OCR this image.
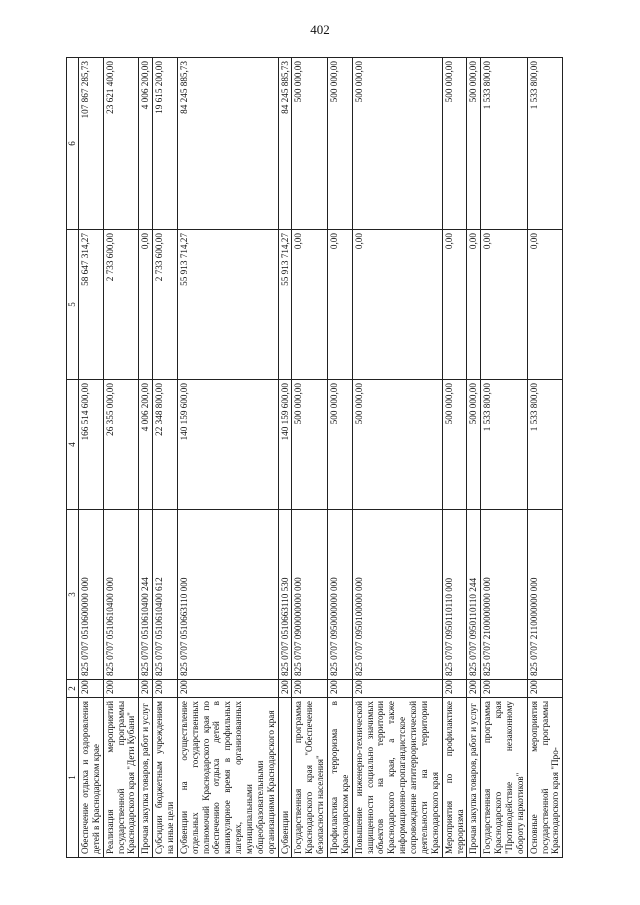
402
1	2	3	4	5	6
Обеспечение отдыха и оздоровления детей в Краснодарском крае	200	825 0707 0510600000 000	166 514 600,00	58 647 314,27	107 867 285,73
Реализация мероприятий государственной программы Краснодарского края "Дети Кубани"	200	825 0707 0510610400 000	26 355 000,00	2 733 600,00	23 621 400,00
Прочая закупка товаров, работ и услуг	200	825 0707 0510610400 244	4 006 200,00	0,00	4 006 200,00
Субсидии бюджетным учреждениям на иные цели	200	825 0707 0510610400 612	22 348 800,00	2 733 600,00	19 615 200,00
Субвенции на осуществление отдельных государственных полномочий Краснодарского края по обеспечению отдыха детей в каникулярное время в профильных лагерях, организованных муниципальными общеобразовательными организациями Краснодарского края	200	825 0707 0510663110 000	140 159 600,00	55 913 714,27	84 245 885,73
Субвенции	200	825 0707 0510663110 530	140 159 600,00	55 913 714,27	84 245 885,73
Государственная программа Краснодарского края "Обеспечение безопасности населения"	200	825 0707 0900000000 000	500 000,00	0,00	500 000,00
Профилактика терроризма в Краснодарском крае	200	825 0707 0950000000 000	500 000,00	0,00	500 000,00
Повышение инженерно-технической защищенности социально значимых объектов на территории Краснодарского края, а также информационно-пропагандистское сопровождение антитеррористической деятельности на территории Краснодарского края	200	825 0707 0950100000 000	500 000,00	0,00	500 000,00
Мероприятия по профилактике терроризма	200	825 0707 0950110110 000	500 000,00	0,00	500 000,00
Прочая закупка товаров, работ и услуг	200	825 0707 0950110110 244	500 000,00	0,00	500 000,00
Государственная программа Краснодарского края "Противодействие незаконному обороту наркотиков"	200	825 0707 2100000000 000	1 533 800,00	0,00	1 533 800,00
Основные мероприятия государственной программы Краснодарского края "Про-	200	825 0707 2110000000 000	1 533 800,00	0,00	1 533 800,00
